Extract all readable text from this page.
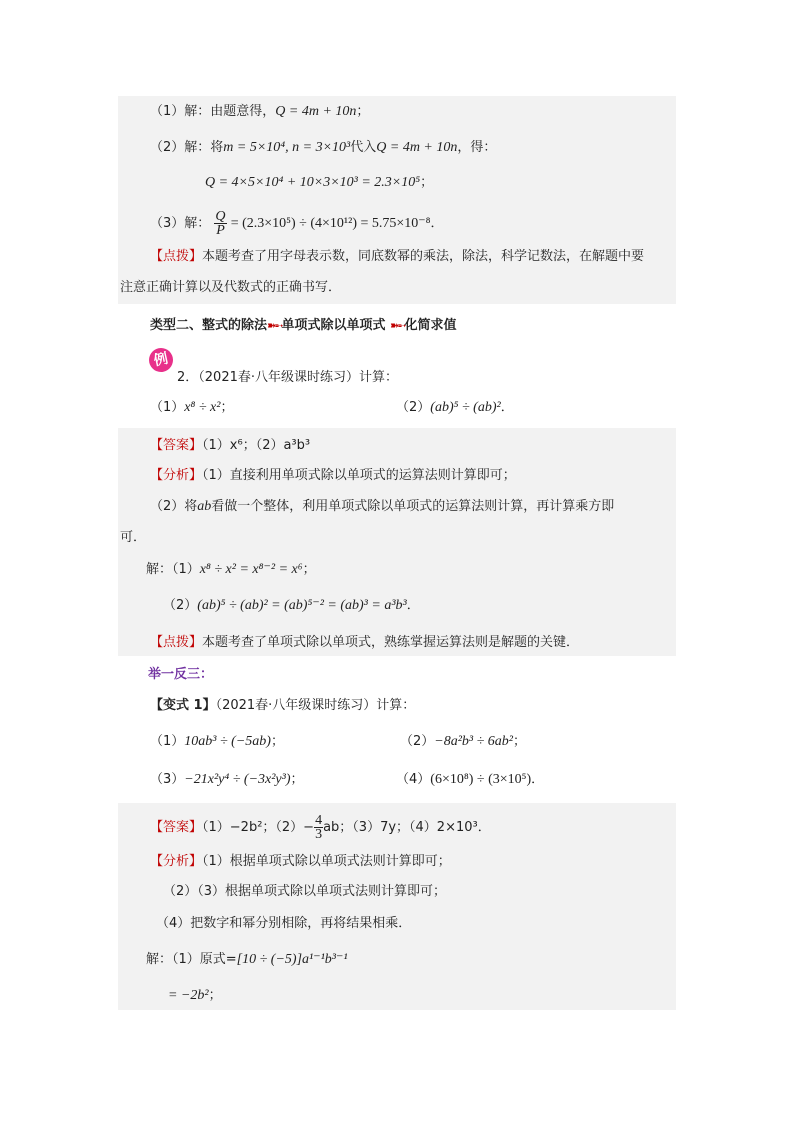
（1）解：由题意得，Q = 4m + 10n；
（2）解：将m = 5×10⁴, n = 3×10³代入Q = 4m + 10n，得：
Q = 4×5×10⁴ + 10×3×10³ = 2.3×10⁵；
（3）解： $\frac{Q}{P} = (2.3\times 10^5) \div (4\times 10^{12}) = 5.75\times 10^{-8}$．
【点拨】本题考查了用字母表示数，同底数幂的乘法，除法，科学记数法，在解题中要
注意正确计算以及代数式的正确书写．
类型二、整式的除法➽➵单项式除以单项式 ➽➵化简求值
例
2．（2021春·八年级课时练习）计算：
（1）x⁸ ÷ x²；	（2）(ab)⁵ ÷ (ab)²．
【答案】（1）x⁶；（2）a³b³
【分析】（1）直接利用单项式除以单项式的运算法则计算即可；
（2）将ab看做一个整体，利用单项式除以单项式的运算法则计算，再计算乘方即
可．
解：（1）x⁸ ÷ x² = x⁸⁻² = x⁶；
（2）(ab)⁵ ÷ (ab)² = (ab)⁵⁻² = (ab)³ = a³b³．
【点拨】本题考查了单项式除以单项式，熟练掌握运算法则是解题的关键．
举一反三：
【变式 1】（2021春·八年级课时练习）计算：
（1）10ab³ ÷ (−5ab)；	（2）−8a²b³ ÷ 6ab²；
（3）−21x²y⁴ ÷ (−3x²y³)；	（4）(6×10⁸) ÷ (3×10⁵)．
【答案】（1）−2b²；$(2)- \frac{4}{3}$ ab；（3）7y；（4）2×10³．
【分析】（1）根据单项式除以单项式法则计算即可；
（2）（3）根据单项式除以单项式法则计算即可；
（4）把数字和幂分别相除，再将结果相乘．
解：（1）原式=[10 ÷ (−5)]a¹⁻¹b³⁻¹
= −2b²；
